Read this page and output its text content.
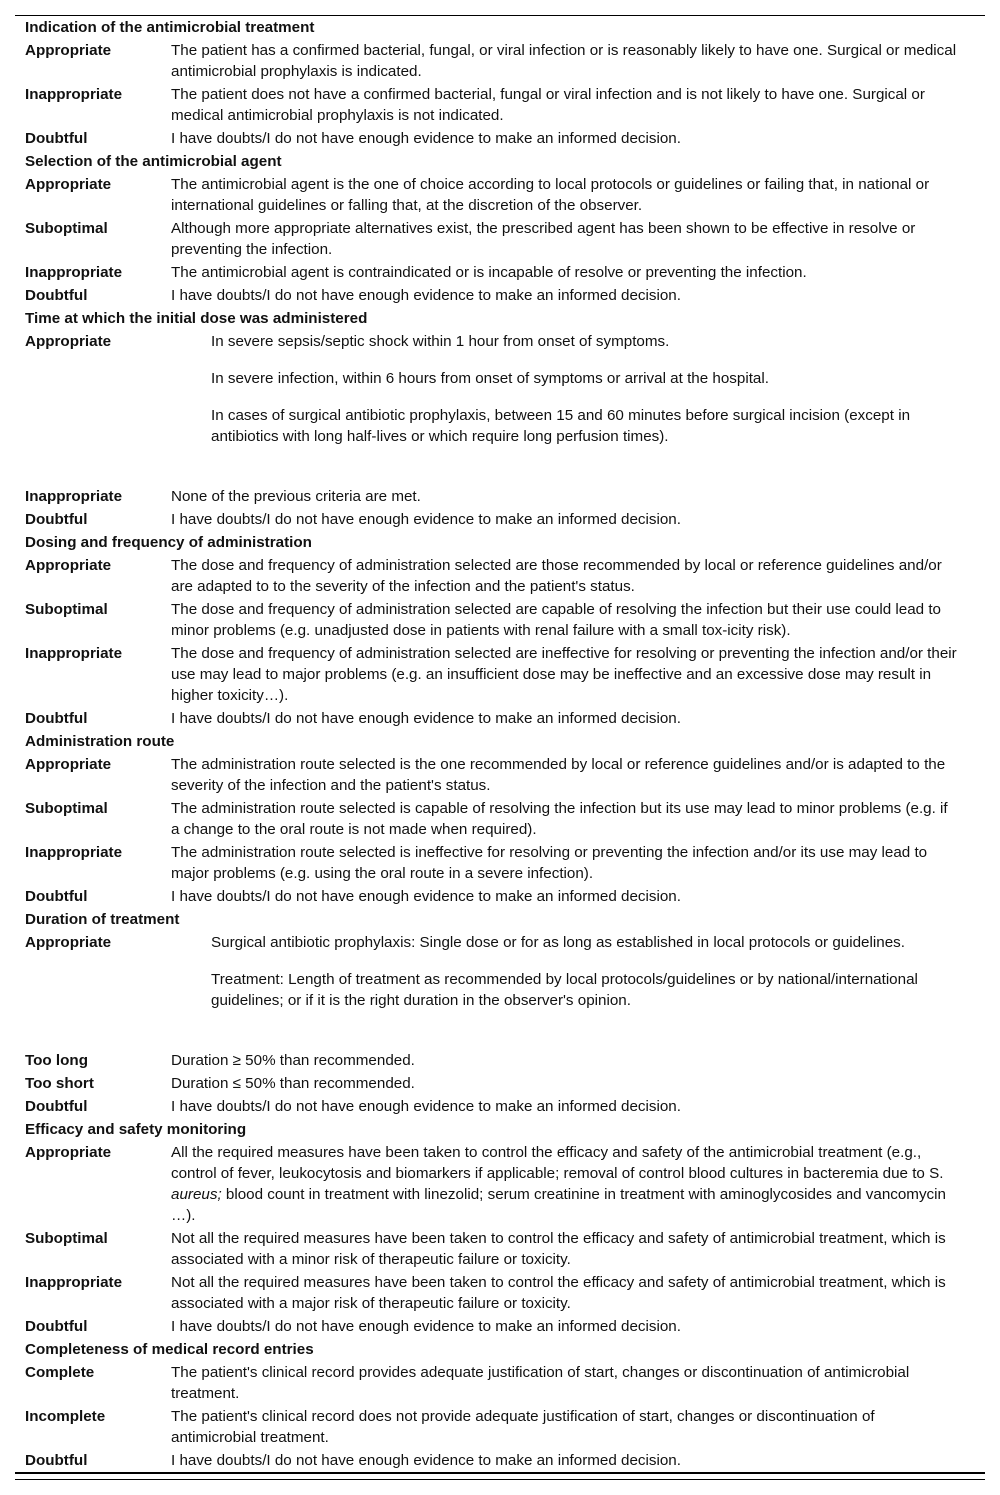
Indication of the antimicrobial treatment
Appropriate	The patient has a confirmed bacterial, fungal, or viral infection or is reasonably likely to have one. Surgical or medical antimicrobial prophylaxis is indicated.
Inappropriate	The patient does not have a confirmed bacterial, fungal or viral infection and is not likely to have one. Surgical or medical antimicrobial prophylaxis is not indicated.
Doubtful	I have doubts/I do not have enough evidence to make an informed decision.
Selection of the antimicrobial agent
Appropriate	The antimicrobial agent is the one of choice according to local protocols or guidelines or failing that, in national or international guidelines or falling that, at the discretion of the observer.
Suboptimal	Although more appropriate alternatives exist, the prescribed agent has been shown to be effective in resolve or preventing the infection.
Inappropriate	The antimicrobial agent is contraindicated or is incapable of resolve or preventing the infection.
Doubtful	I have doubts/I do not have enough evidence to make an informed decision.
Time at which the initial dose was administered
Appropriate	In severe sepsis/septic shock within 1 hour from onset of symptoms.
In severe infection, within 6 hours from onset of symptoms or arrival at the hospital.
In cases of surgical antibiotic prophylaxis, between 15 and 60 minutes before surgical incision (except in antibiotics with long half-lives or which require long perfusion times).
Inappropriate	None of the previous criteria are met.
Doubtful	I have doubts/I do not have enough evidence to make an informed decision.
Dosing and frequency of administration
Appropriate	The dose and frequency of administration selected are those recommended by local or reference guidelines and/or are adapted to to the severity of the infection and the patient's status.
Suboptimal	The dose and frequency of administration selected are capable of resolving the infection but their use could lead to minor problems (e.g. unadjusted dose in patients with renal failure with a small tox-icity risk).
Inappropriate	The dose and frequency of administration selected are ineffective for resolving or preventing the infection and/or their use may lead to major problems (e.g. an insufficient dose may be ineffective and an excessive dose may result in higher toxicity…).
Doubtful	I have doubts/I do not have enough evidence to make an informed decision.
Administration route
Appropriate	The administration route selected is the one recommended by local or reference guidelines and/or is adapted to the severity of the infection and the patient's status.
Suboptimal	The administration route selected is capable of resolving the infection but its use may lead to minor problems (e.g. if a change to the oral route is not made when required).
Inappropriate	The administration route selected is ineffective for resolving or preventing the infection and/or its use may lead to major problems (e.g. using the oral route in a severe infection).
Doubtful	I have doubts/I do not have enough evidence to make an informed decision.
Duration of treatment
Appropriate	Surgical antibiotic prophylaxis: Single dose or for as long as established in local protocols or guidelines.
Treatment: Length of treatment as recommended by local protocols/guidelines or by national/international guidelines; or if it is the right duration in the observer's opinion.
Too long	Duration ≥ 50% than recommended.
Too short	Duration ≤ 50% than recommended.
Doubtful	I have doubts/I do not have enough evidence to make an informed decision.
Efficacy and safety monitoring
Appropriate	All the required measures have been taken to control the efficacy and safety of the antimicrobial treatment (e.g., control of fever, leukocytosis and biomarkers if applicable; removal of control blood cultures in bacteremia due to S. aureus; blood count in treatment with linezolid; serum creatinine in treatment with aminoglycosides and vancomycin …).
Suboptimal	Not all the required measures have been taken to control the efficacy and safety of antimicrobial treatment, which is associated with a minor risk of therapeutic failure or toxicity.
Inappropriate	Not all the required measures have been taken to control the efficacy and safety of antimicrobial treatment, which is associated with a major risk of therapeutic failure or toxicity.
Doubtful	I have doubts/I do not have enough evidence to make an informed decision.
Completeness of medical record entries
Complete	The patient's clinical record provides adequate justification of start, changes or discontinuation of antimicrobial treatment.
Incomplete	The patient's clinical record does not provide adequate justification of start, changes or discontinuation of antimicrobial treatment.
Doubtful	I have doubts/I do not have enough evidence to make an informed decision.
